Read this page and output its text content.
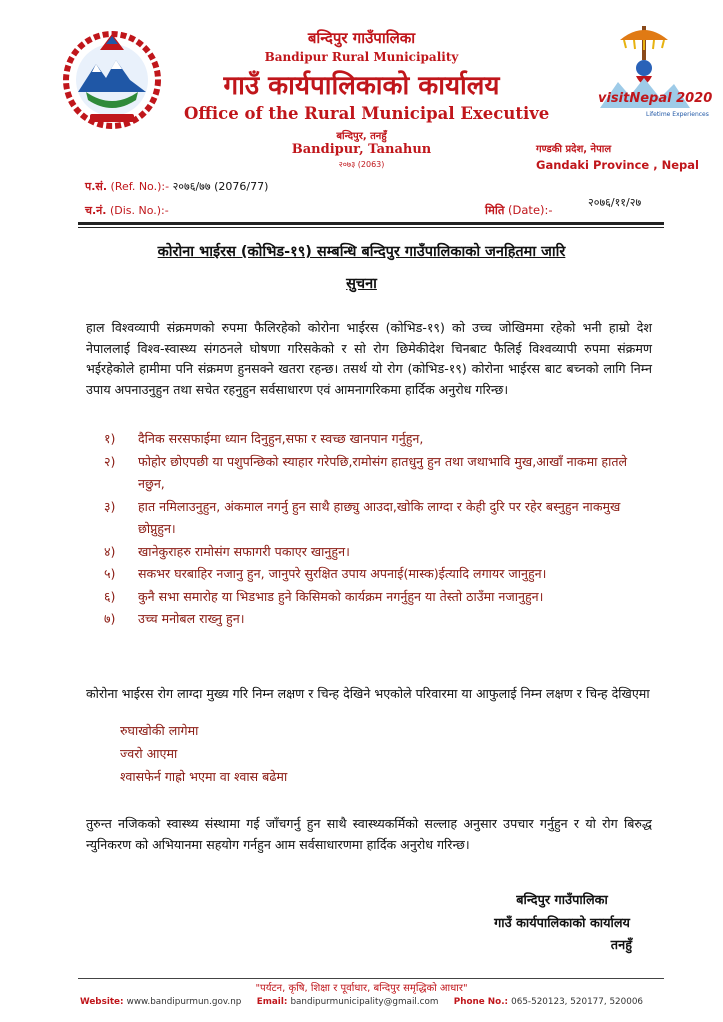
visitNepal 2020
Lifetime Experiences
बन्दिपुर गाउँपालिका
Bandipur Rural Municipality
गाउँ कार्यपालिकाको कार्यालय
Office of the Rural Municipal Executive
बन्दिपुर, तनहुँ
Bandipur, Tanahun
२०७३ (2063)
गण्डकी प्रदेश, नेपाल
Gandaki Province , Nepal
प.सं. (Ref. No.):- २०७६/७७ (2076/77)
च.नं. (Dis. No.):-	मिति (Date):-
२०७६/११/२७
कोरोना भाईरस (कोभिड-१९) सम्बन्धि बन्दिपुर गाउँपालिकाको जनहितमा जारि
सुचना
हाल विश्वव्यापी संक्रमणको रुपमा फैलिरहेको कोरोना भाईरस (कोभिड-१९) को उच्च जोखिममा रहेको भनी हाम्रो देश नेपाललाई विश्व-स्वास्थ्य संगठनले घोषणा गरिसकेको र सो रोग छिमेकीदेश चिनबाट फैलिई विश्वव्यापी रुपमा संक्रमण भईरहेकोले हामीमा पनि संक्रमण हुनसक्ने खतरा रहन्छ। तसर्थ यो रोग (कोभिड-१९) कोरोना भाईरस बाट बच्नको लागि निम्न उपाय अपनाउनुहुन तथा सचेत रहनुहुन सर्वसाधारण एवं आमनागरिकमा हार्दिक अनुरोध गरिन्छ।
१)	दैनिक सरसफाईमा ध्यान दिनुहुन,सफा र स्वच्छ खानपान गर्नुहुन,
२)	फोहोर छोएपछी या पशुपन्छिको स्याहार गरेपछि,रामोसंग हातधुनु हुन तथा जथाभावि मुख,आखाँ नाकमा हातले नछुन,
३)	हात नमिलाउनुहुन, अंकमाल नगर्नु हुन साथै हाछ्यु आउदा,खोकि लाग्दा र केही दुरि पर रहेर बस्नुहुन नाकमुख छोप्नुहुन।
४)	खानेकुराहरु रामोसंग सफागरी पकाएर खानुहुन।
५)	सकभर घरबाहिर नजानु हुन, जानुपरे सुरक्षित उपाय अपनाई(मास्क)ईत्यादि लगायर जानुहुन।
६)	कुनै सभा समारोह या भिडभाड हुने किसिमको कार्यक्रम नगर्नुहुन या तेस्तो ठाउँमा नजानुहुन।
७)	उच्च मनोबल राख्नु हुन।
कोरोना भाईरस रोग लाग्दा मुख्य गरि निम्न लक्षण र चिन्ह देखिने भएकोले परिवारमा या आफुलाई निम्न लक्षण र चिन्ह देखिएमा
रुघाखोकी लागेमा
ज्वरो आएमा
श्वासफेर्न गाह्रो भएमा वा श्वास बढेमा
तुरुन्त नजिकको स्वास्थ्य संस्थामा गई जाँचगर्नु हुन साथै स्वास्थ्यकर्मिको सल्लाह अनुसार उपचार गर्नुहुन र यो रोग बिरुद्ध न्युनिकरण को अभियानमा सहयोग गर्नहुन आम सर्वसाधारणमा हार्दिक अनुरोध गरिन्छ।
बन्दिपुर गाउँपालिका
गाउँ कार्यपालिकाको कार्यालय
तनहुँ
"पर्यटन, कृषि, शिक्षा र पूर्वाधार, बन्दिपुर समृद्धिको आधार"
Website: www.bandipurmun.gov.np Email: bandipurmunicipality@gmail.com Phone No.: 065-520123, 520177, 520006
